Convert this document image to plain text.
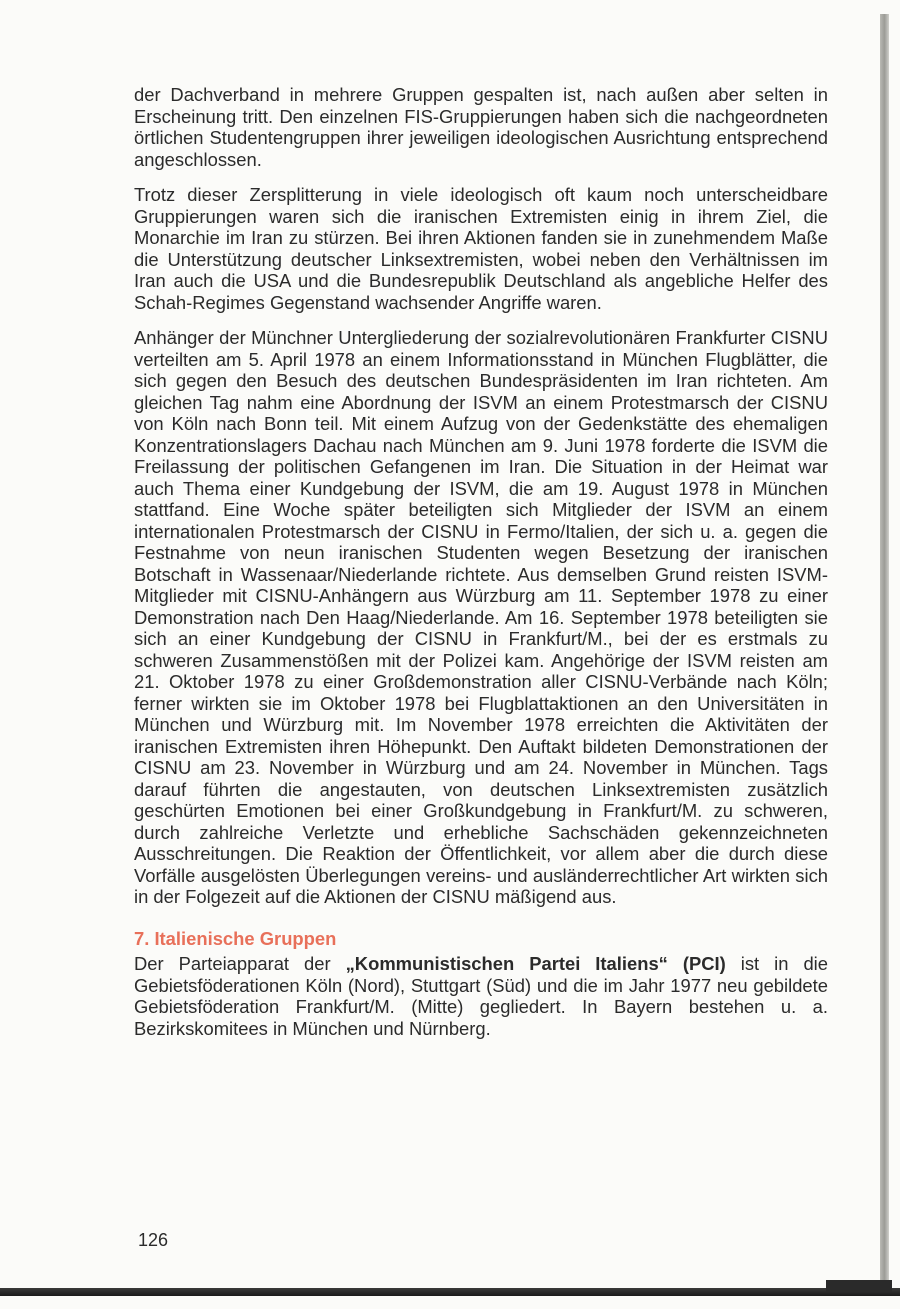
der Dachverband in mehrere Gruppen gespalten ist, nach außen aber selten in Erscheinung tritt. Den einzelnen FIS-Gruppierungen haben sich die nachgeordneten örtlichen Studentengruppen ihrer jeweiligen ideologischen Ausrichtung entsprechend angeschlossen.

Trotz dieser Zersplitterung in viele ideologisch oft kaum noch unterscheidbare Gruppierungen waren sich die iranischen Extremisten einig in ihrem Ziel, die Monarchie im Iran zu stürzen. Bei ihren Aktionen fanden sie in zunehmendem Maße die Unterstützung deutscher Linksextremisten, wobei neben den Verhältnissen im Iran auch die USA und die Bundesrepublik Deutschland als angebliche Helfer des Schah-Regimes Gegenstand wachsender Angriffe waren.

Anhänger der Münchner Untergliederung der sozialrevolutionären Frankfurter CISNU verteilten am 5. April 1978 an einem Informationsstand in München Flugblätter, die sich gegen den Besuch des deutschen Bundespräsidenten im Iran richteten. Am gleichen Tag nahm eine Abordnung der ISVM an einem Protestmarsch der CISNU von Köln nach Bonn teil. Mit einem Aufzug von der Gedenkstätte des ehemaligen Konzentrationslagers Dachau nach München am 9. Juni 1978 forderte die ISVM die Freilassung der politischen Gefangenen im Iran. Die Situation in der Heimat war auch Thema einer Kundgebung der ISVM, die am 19. August 1978 in München stattfand. Eine Woche später beteiligten sich Mitglieder der ISVM an einem internationalen Protestmarsch der CISNU in Fermo/Italien, der sich u. a. gegen die Festnahme von neun iranischen Studenten wegen Besetzung der iranischen Botschaft in Wassenaar/Niederlande richtete. Aus demselben Grund reisten ISVM-Mitglieder mit CISNU-Anhängern aus Würzburg am 11. September 1978 zu einer Demonstration nach Den Haag/Niederlande. Am 16. September 1978 beteiligten sie sich an einer Kundgebung der CISNU in Frankfurt/M., bei der es erstmals zu schweren Zusammenstößen mit der Polizei kam. Angehörige der ISVM reisten am 21. Oktober 1978 zu einer Großdemonstration aller CISNU-Verbände nach Köln; ferner wirkten sie im Oktober 1978 bei Flugblattaktionen an den Universitäten in München und Würzburg mit. Im November 1978 erreichten die Aktivitäten der iranischen Extremisten ihren Höhepunkt. Den Auftakt bildeten Demonstrationen der CISNU am 23. November in Würzburg und am 24. November in München. Tags darauf führten die angestauten, von deutschen Linksextremisten zusätzlich geschürten Emotionen bei einer Großkundgebung in Frankfurt/M. zu schweren, durch zahlreiche Verletzte und erhebliche Sachschäden gekennzeichneten Ausschreitungen. Die Reaktion der Öffentlichkeit, vor allem aber die durch diese Vorfälle ausgelösten Überlegungen vereins- und ausländerrechtlicher Art wirkten sich in der Folgezeit auf die Aktionen der CISNU mäßigend aus.

7. Italienische Gruppen

Der Parteiapparat der „Kommunistischen Partei Italiens“ (PCI) ist in die Gebietsföderationen Köln (Nord), Stuttgart (Süd) und die im Jahr 1977 neu gebildete Gebietsföderation Frankfurt/M. (Mitte) gegliedert. In Bayern bestehen u. a. Bezirkskomitees in München und Nürnberg.

126
